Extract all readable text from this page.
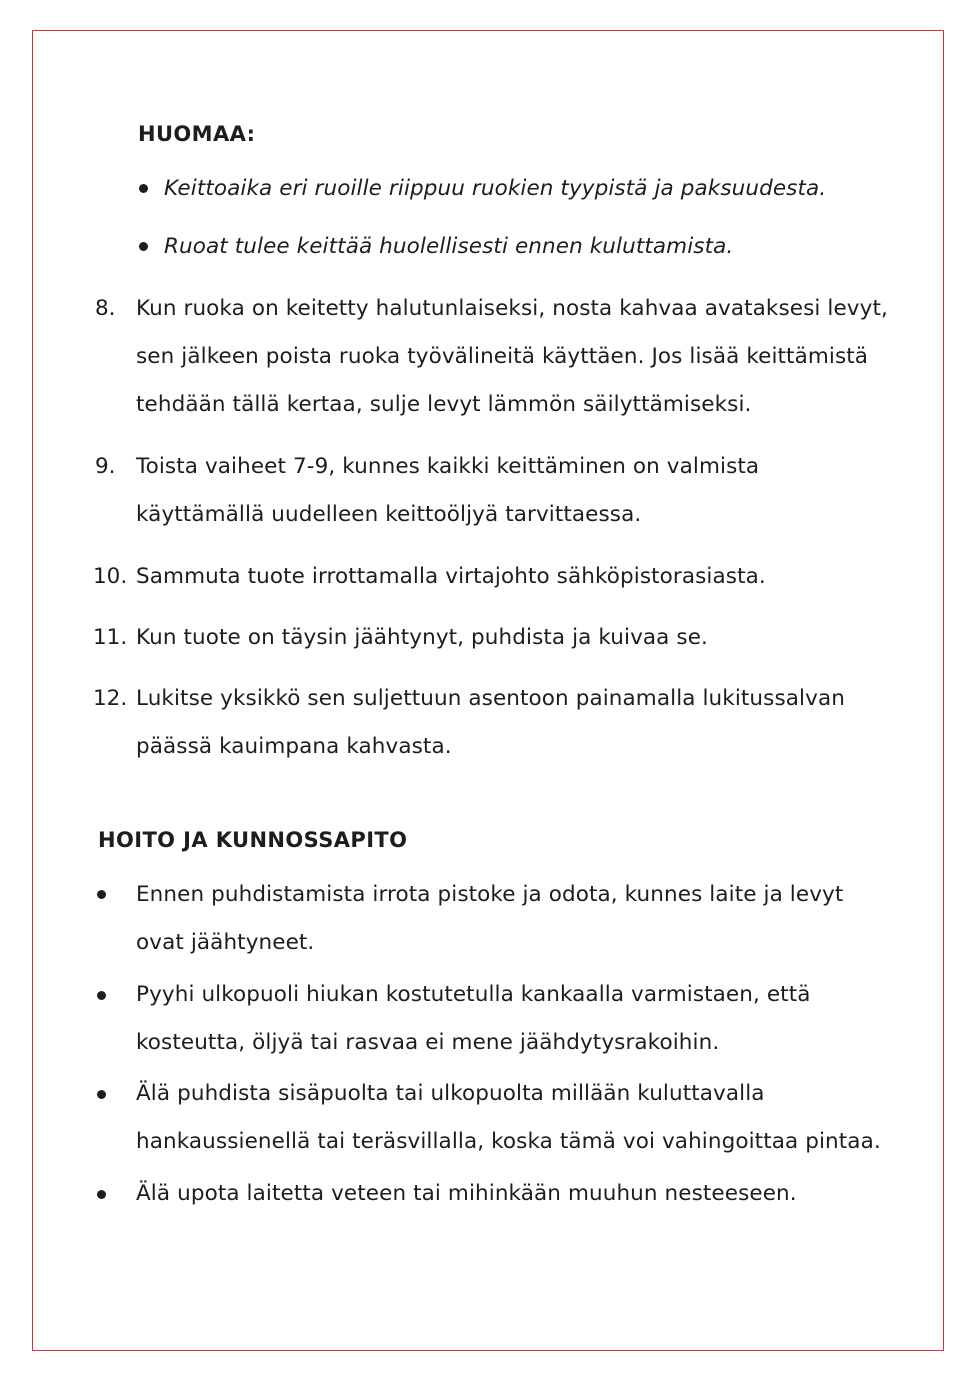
HUOMAA:
Keittoaika eri ruoille riippuu ruokien tyypistä ja paksuudesta.
Ruoat tulee keittää huolellisesti ennen kuluttamista.
8. Kun ruoka on keitetty halutunlaiseksi, nosta kahvaa avataksesi levyt,
sen jälkeen poista ruoka työvälineitä käyttäen. Jos lisää keittämistä
tehdään tällä kertaa, sulje levyt lämmön säilyttämiseksi.
9. Toista vaiheet 7-9, kunnes kaikki keittäminen on valmista
käyttämällä uudelleen keittoöljyä tarvittaessa.
10. Sammuta tuote irrottamalla virtajohto sähköpistorasiasta.
11. Kun tuote on täysin jäähtynyt, puhdista ja kuivaa se.
12. Lukitse yksikkö sen suljettuun asentoon painamalla lukitussalvan
päässä kauimpana kahvasta.
HOITO JA KUNNOSSAPITO
Ennen puhdistamista irrota pistoke ja odota, kunnes laite ja levyt
ovat jäähtyneet.
Pyyhi ulkopuoli hiukan kostutetulla kankaalla varmistaen, että
kosteutta, öljyä tai rasvaa ei mene jäähdytysrakoihin.
Älä puhdista sisäpuolta tai ulkopuolta millään kuluttavalla
hankaussienellä tai teräsvillalla, koska tämä voi vahingoittaa pintaa.
Älä upota laitetta veteen tai mihinkään muuhun nesteeseen.
